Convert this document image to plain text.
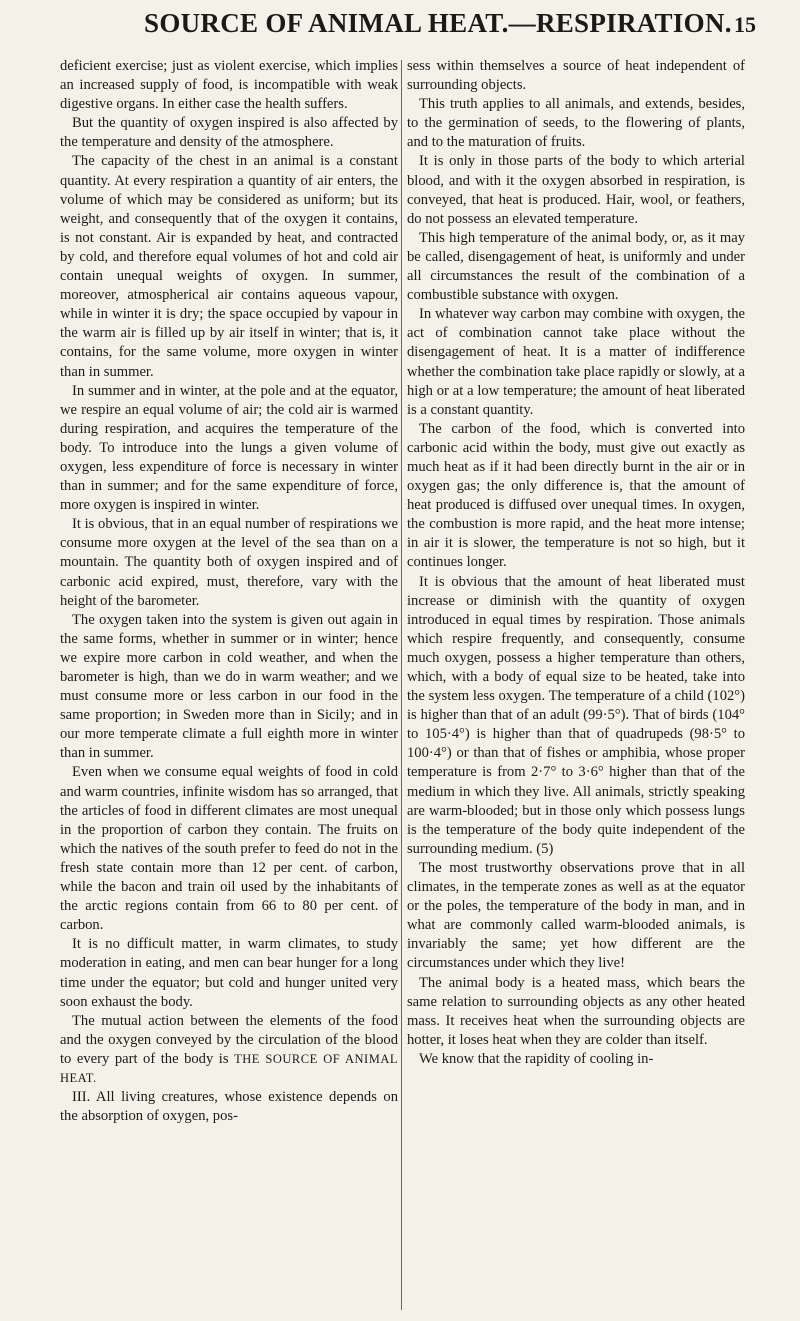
SOURCE OF ANIMAL HEAT.—RESPIRATION. 15

deficient exercise; just as violent exercise, which implies an increased supply of food, is incompatible with weak digestive organs. In either case the health suffers.

But the quantity of oxygen inspired is also affected by the temperature and density of the atmosphere.

The capacity of the chest in an animal is a constant quantity. At every respiration a quantity of air enters, the volume of which may be considered as uniform; but its weight, and consequently that of the oxygen it contains, is not constant. Air is expanded by heat, and contracted by cold, and therefore equal volumes of hot and cold air contain unequal weights of oxygen. In summer, moreover, atmospherical air contains aqueous vapour, while in winter it is dry; the space occupied by vapour in the warm air is filled up by air itself in winter; that is, it contains, for the same volume, more oxygen in winter than in summer.

In summer and in winter, at the pole and at the equator, we respire an equal volume of air; the cold air is warmed during respiration, and acquires the temperature of the body. To introduce into the lungs a given volume of oxygen, less expenditure of force is necessary in winter than in summer; and for the same expenditure of force, more oxygen is inspired in winter.

It is obvious, that in an equal number of respirations we consume more oxygen at the level of the sea than on a mountain. The quantity both of oxygen inspired and of carbonic acid expired, must, therefore, vary with the height of the barometer.

The oxygen taken into the system is given out again in the same forms, whether in summer or in winter; hence we expire more carbon in cold weather, and when the barometer is high, than we do in warm weather; and we must consume more or less carbon in our food in the same proportion; in Sweden more than in Sicily; and in our more temperate climate a full eighth more in winter than in summer.

Even when we consume equal weights of food in cold and warm countries, infinite wisdom has so arranged, that the articles of food in different climates are most unequal in the proportion of carbon they contain. The fruits on which the natives of the south prefer to feed do not in the fresh state contain more than 12 per cent. of carbon, while the bacon and train oil used by the inhabitants of the arctic regions contain from 66 to 80 per cent. of carbon.

It is no difficult matter, in warm climates, to study moderation in eating, and men can bear hunger for a long time under the equator; but cold and hunger united very soon exhaust the body.

The mutual action between the elements of the food and the oxygen conveyed by the circulation of the blood to every part of the body is THE SOURCE OF ANIMAL HEAT.

III. All living creatures, whose existence depends on the absorption of oxygen, pos-

sess within themselves a source of heat independent of surrounding objects.

This truth applies to all animals, and extends, besides, to the germination of seeds, to the flowering of plants, and to the maturation of fruits.

It is only in those parts of the body to which arterial blood, and with it the oxygen absorbed in respiration, is conveyed, that heat is produced. Hair, wool, or feathers, do not possess an elevated temperature.

This high temperature of the animal body, or, as it may be called, disengagement of heat, is uniformly and under all circumstances the result of the combination of a combustible substance with oxygen.

In whatever way carbon may combine with oxygen, the act of combination cannot take place without the disengagement of heat. It is a matter of indifference whether the combination take place rapidly or slowly, at a high or at a low temperature; the amount of heat liberated is a constant quantity.

The carbon of the food, which is converted into carbonic acid within the body, must give out exactly as much heat as if it had been directly burnt in the air or in oxygen gas; the only difference is, that the amount of heat produced is diffused over unequal times. In oxygen, the combustion is more rapid, and the heat more intense; in air it is slower, the temperature is not so high, but it continues longer.

It is obvious that the amount of heat liberated must increase or diminish with the quantity of oxygen introduced in equal times by respiration. Those animals which respire frequently, and consequently, consume much oxygen, possess a higher temperature than others, which, with a body of equal size to be heated, take into the system less oxygen. The temperature of a child (102°) is higher than that of an adult (99·5°). That of birds (104° to 105·4°) is higher than that of quadrupeds (98·5° to 100·4°) or than that of fishes or amphibia, whose proper temperature is from 2·7° to 3·6° higher than that of the medium in which they live. All animals, strictly speaking are warm-blooded; but in those only which possess lungs is the temperature of the body quite independent of the surrounding medium. (5)

The most trustworthy observations prove that in all climates, in the temperate zones as well as at the equator or the poles, the temperature of the body in man, and in what are commonly called warm-blooded animals, is invariably the same; yet how different are the circumstances under which they live!

The animal body is a heated mass, which bears the same relation to surrounding objects as any other heated mass. It receives heat when the surrounding objects are hotter, it loses heat when they are colder than itself.

We know that the rapidity of cooling in-
